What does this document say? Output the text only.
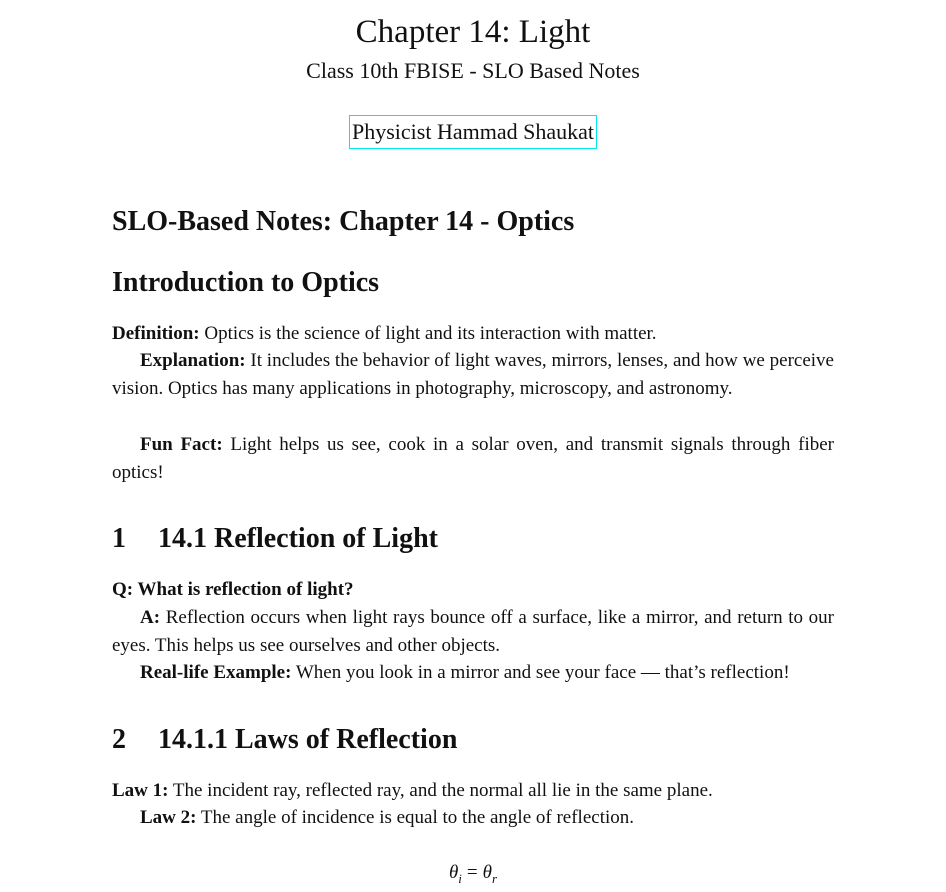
Chapter 14: Light
Class 10th FBISE - SLO Based Notes
Physicist Hammad Shaukat
SLO-Based Notes: Chapter 14 - Optics
Introduction to Optics

Definition: Optics is the science of light and its interaction with matter.

Explanation: It includes the behavior of light waves, mirrors, lenses, and how we perceive vision. Optics has many applications in photography, microscopy, and astronomy.

Fun Fact: Light helps us see, cook in a solar oven, and transmit signals through fiber optics!

1 14.1 Reflection of Light

Q: What is reflection of light?

A: Reflection occurs when light rays bounce off a surface, like a mirror, and return to our eyes. This helps us see ourselves and other objects.

Real-life Example: When you look in a mirror and see your face — that’s reflection!

2 14.1.1 Laws of Reflection

Law 1: The incident ray, reflected ray, and the normal all lie in the same plane.

Law 2: The angle of incidence is equal to the angle of reflection.

$\theta_i = \theta_r$
